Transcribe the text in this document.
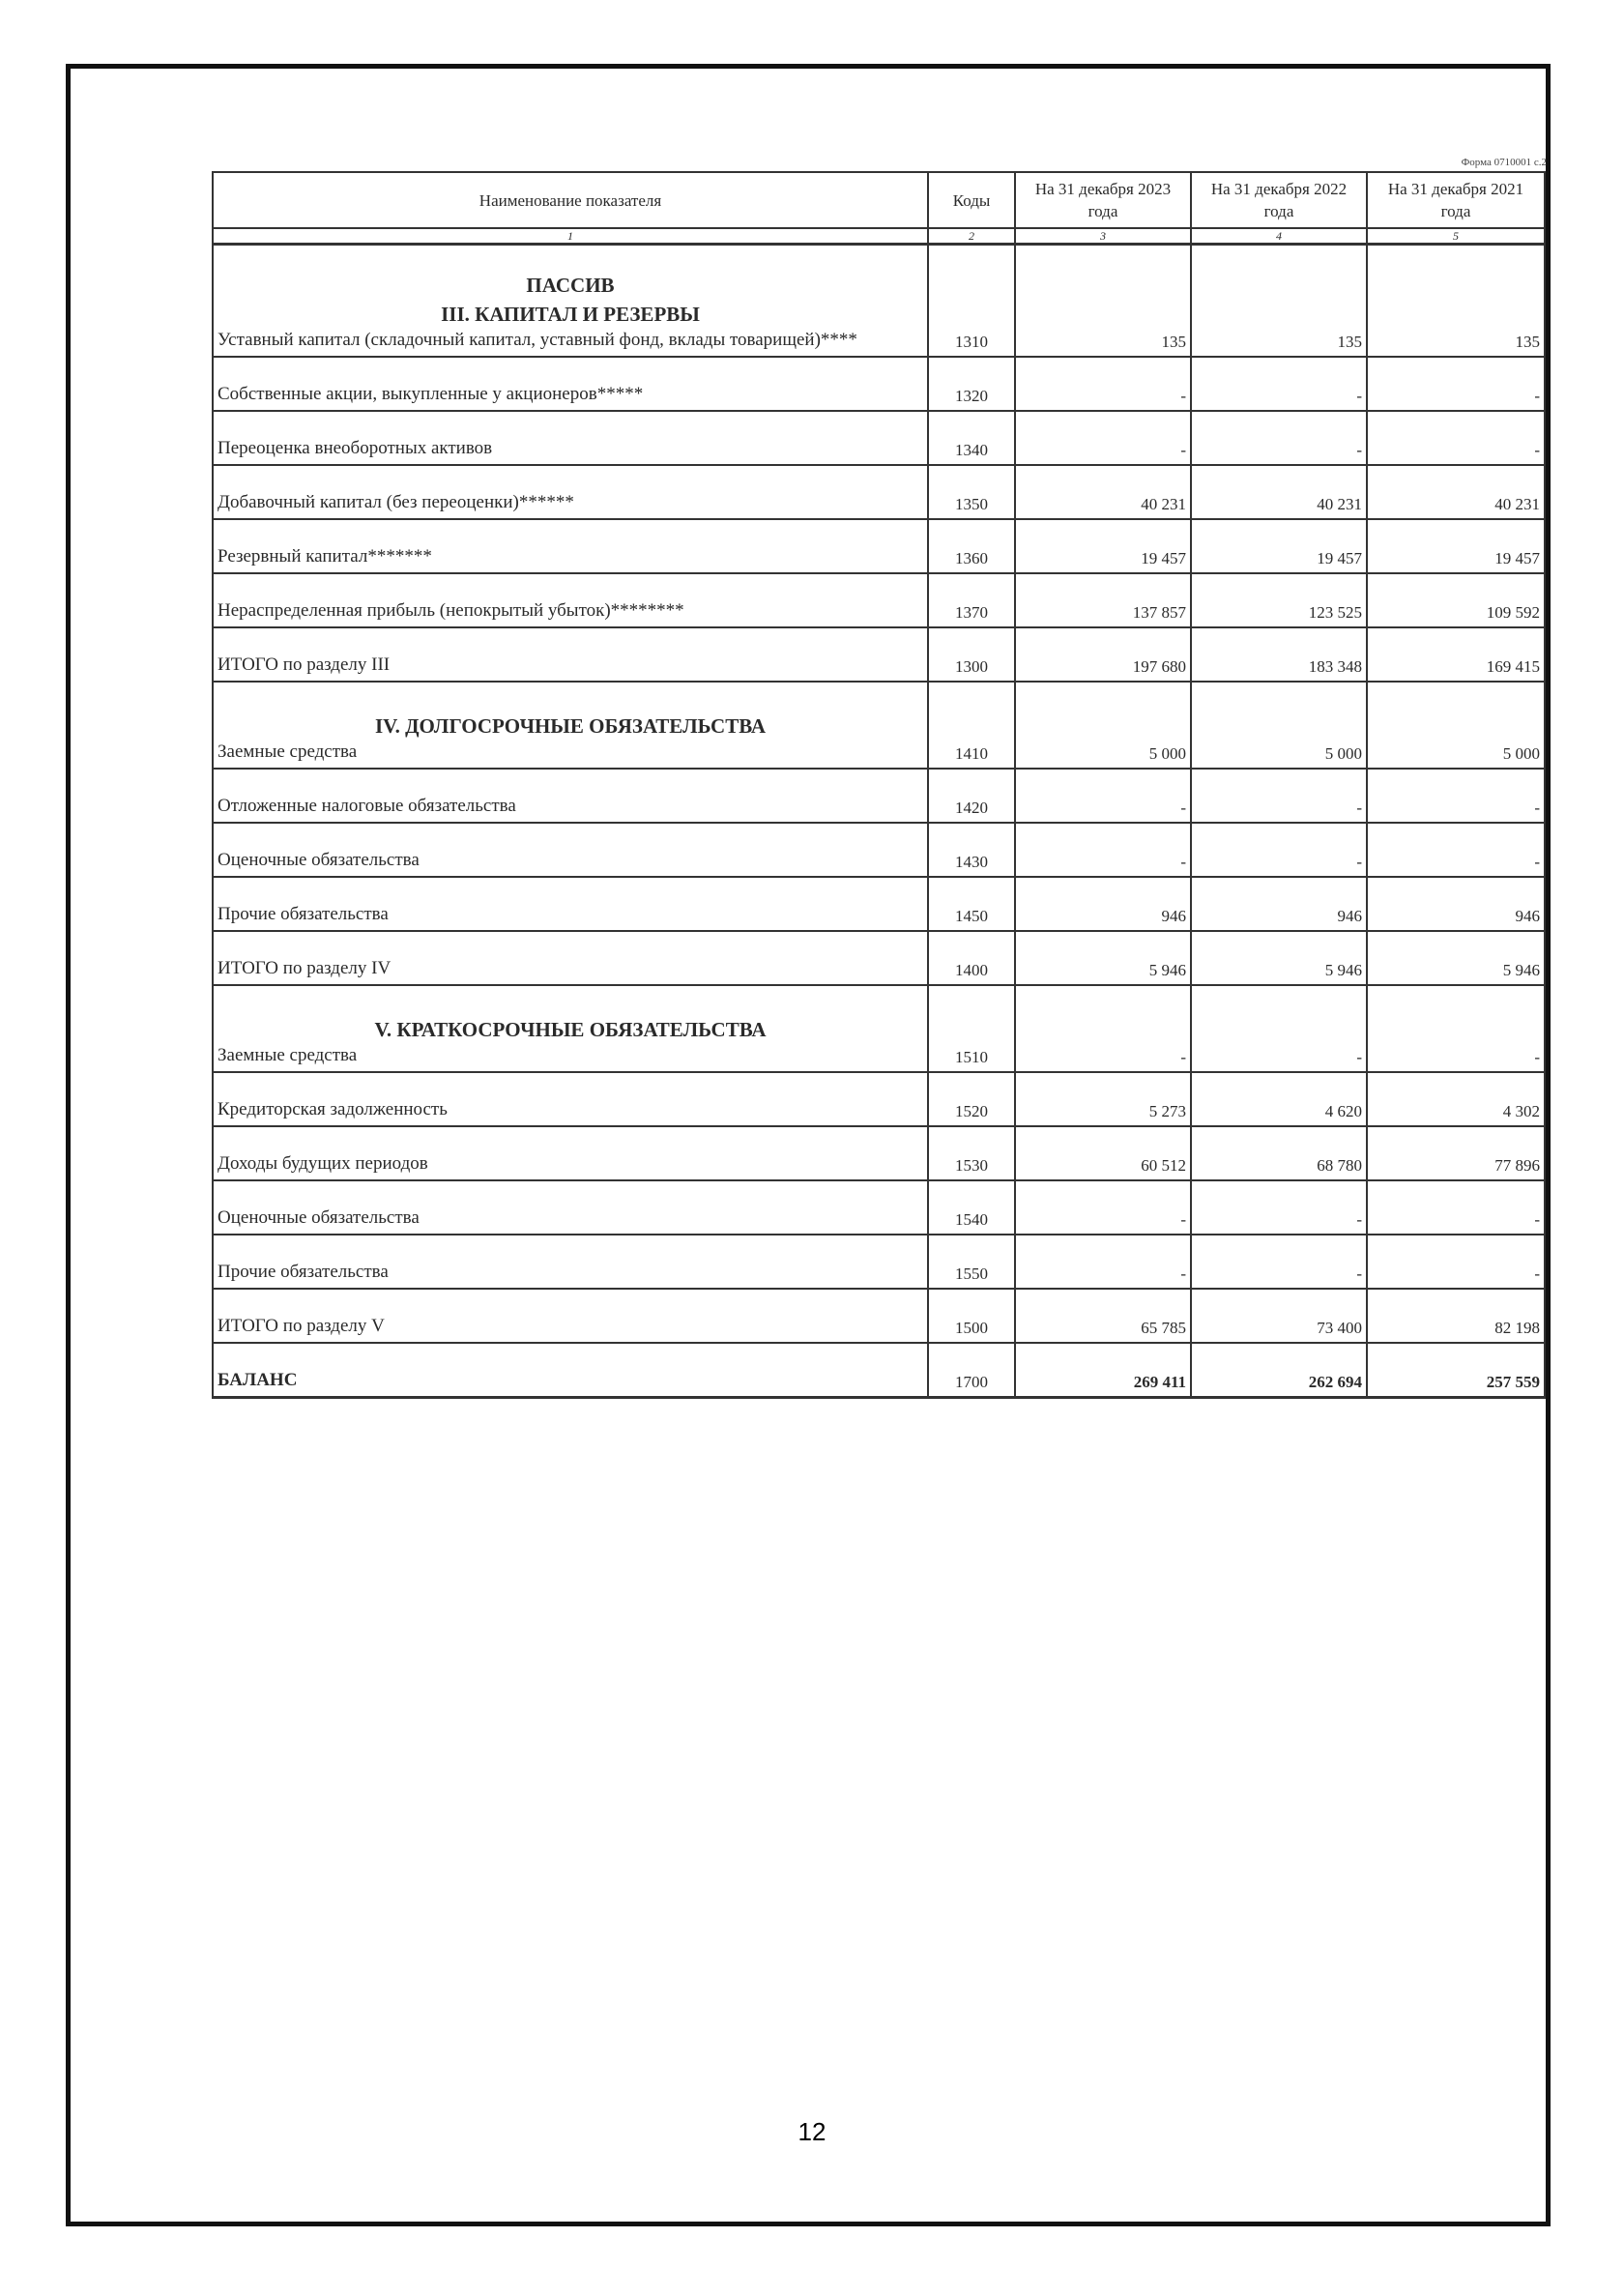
Форма 0710001 с.2
Наименование показателя	Коды	На 31 декабря 2023 года	На 31 декабря 2022 года	На 31 декабря 2021 года
1	2	3	4	5

ПАССИВ
III. КАПИТАЛ И РЕЗЕРВЫ
Уставный капитал (складочный капитал, уставный фонд, вклады товарищей)****	1310	135	135	135
Собственные акции, выкупленные у акционеров*****	1320	-	-	-
Переоценка внеоборотных активов	1340	-	-	-
Добавочный капитал (без переоценки)******	1350	40 231	40 231	40 231
Резервный капитал*******	1360	19 457	19 457	19 457
Нераспределенная прибыль (непокрытый убыток)********	1370	137 857	123 525	109 592
ИТОГО по разделу III	1300	197 680	183 348	169 415

IV. ДОЛГОСРОЧНЫЕ ОБЯЗАТЕЛЬСТВА
Заемные средства	1410	5 000	5 000	5 000
Отложенные налоговые обязательства	1420	-	-	-
Оценочные обязательства	1430	-	-	-
Прочие обязательства	1450	946	946	946
ИТОГО по разделу IV	1400	5 946	5 946	5 946

V. КРАТКОСРОЧНЫЕ ОБЯЗАТЕЛЬСТВА
Заемные средства	1510	-	-	-
Кредиторская задолженность	1520	5 273	4 620	4 302
Доходы будущих периодов	1530	60 512	68 780	77 896
Оценочные обязательства	1540	-	-	-
Прочие обязательства	1550	-	-	-
ИТОГО по разделу V	1500	65 785	73 400	82 198
БАЛАНС	1700	269 411	262 694	257 559
12
